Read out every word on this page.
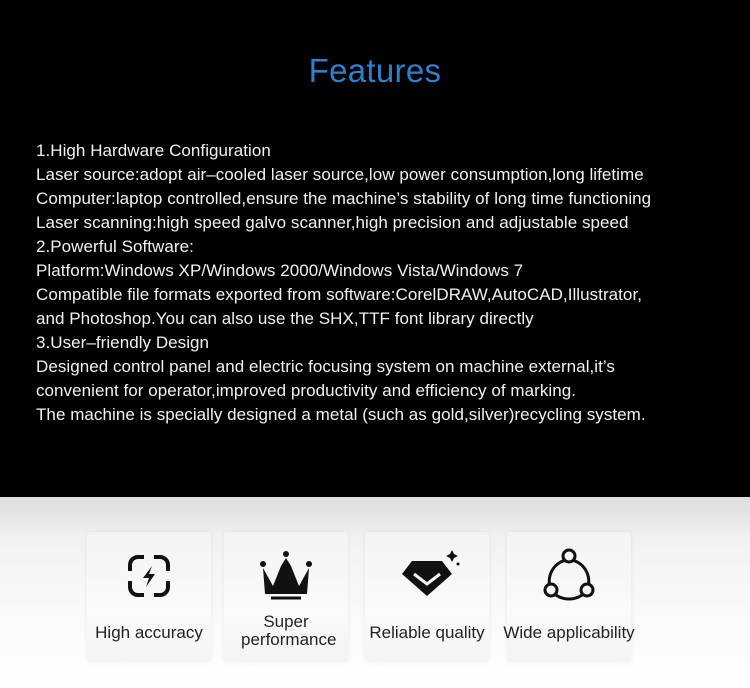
Features
1.High Hardware Configuration
Laser source:adopt air–cooled laser source,low power consumption,long lifetime
Computer:laptop controlled,ensure the machine’s stability of long time functioning
Laser scanning:high speed galvo scanner,high precision and adjustable speed
2.Powerful Software:
Platform:Windows XP/Windows 2000/Windows Vista/Windows 7
Compatible file formats exported from software:CorelDRAW,AutoCAD,Illustrator,
and Photoshop.You can also use the SHX,TTF font library directly
3.User–friendly Design
Designed control panel and electric focusing system on machine external,it’s
convenient for operator,improved productivity and efficiency of marking.
The machine is specially designed a metal (such as gold,silver)recycling system.
High accuracy
Super performance	Reliable quality	Wide applicability
